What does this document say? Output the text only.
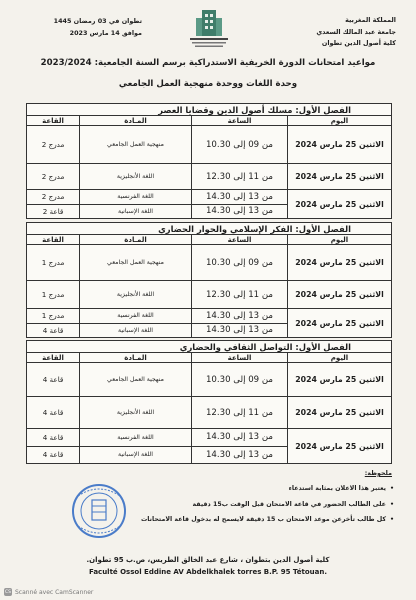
المملكة المغربية
جامعة عبد المالك السعدي
كلية أصول الدين تطوان
تطوان في 03 رمضان 1445
موافق 14 مارس 2023
مواعيد امتحانات الدورة الخريفية الاستدراكية برسم السنة الجامعية: 2023/2024
وحدة اللغات ووحدة منهجية العمل الجامعي
الفصل الأول: مسلك أصول الدين وقضايا العصر
اليوم
الساعة
المـادة
القاعة
الاثنين 25 مارس 2024
من 09 إلى 10.30
منهجية العمل الجامعي
مدرج 2
الاثنين 25 مارس 2024
من 11 إلى 12.30
اللغة الأنجليزية
مدرج 2
الاثنين 25 مارس 2024
من 13 إلى 14.30
من 13 إلى 14.30
اللغة الفرنسية
اللغة الإسبانية
مدرج 2
قاعة 2
الفصل الأول: الفكر الإسلامي والحوار الحضاري
اليوم
الساعة
المـادة
القاعة
الاثنين 25 مارس 2024
من 09 إلى 10.30
منهجية العمل الجامعي
مدرج 1
الاثنين 25 مارس 2024
من 11 إلى 12.30
اللغة الأنجليزية
مدرج 1
الاثنين 25 مارس 2024
من 13 إلى 14.30
من 13 إلى 14.30
اللغة الفرنسية
اللغة الإسبانية
مدرج 1
قاعة 4
الفصل الأول: التواصل الثقافي والحضاري
اليوم
الساعة
المـادة
القاعة
الاثنين 25 مارس 2024
من 09 إلى 10.30
منهجية العمل الجامعي
قاعة 4
الاثنين 25 مارس 2024
من 11 إلى 12.30
اللغة الأنجليزية
قاعة 4
الاثنين 25 مارس 2024
من 13 إلى 14.30
من 13 إلى 14.30
اللغة الفرنسية
اللغة الإسبانية
قاعة 4
قاعة 4
ملحوظة:
• يعتبر هذا الاعلان بمثابة استدعاء
• على الطالب الحضور في قاعة الامتحان قبل الوقت ب15 دقيقة
• كل طالب تأخرعن موعد الامتحان ب 15 دقيقة لايسمح له بدخول قاعة الامتحانات
كلية أصول الدين بتطوان ، شارع عبد الخالق الطريس، ص.ب 95 تطوان.
Faculté Ossol Eddine AV Abdelkhalek torres B.P. 95 Tétouan.
CS Scanné avec CamScanner
